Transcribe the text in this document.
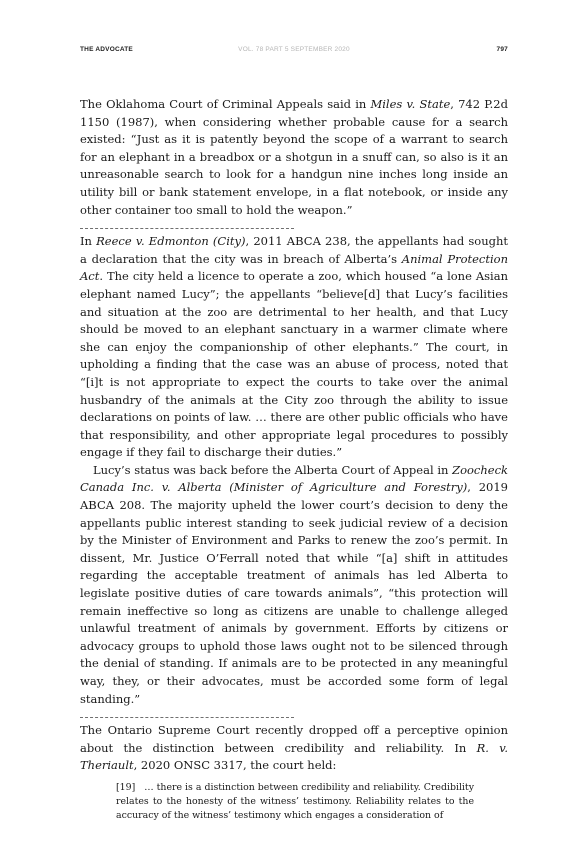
THE ADVOCATE	VOL. 78 PART 5 SEPTEMBER 2020	797

The Oklahoma Court of Criminal Appeals said in Miles v. State, 742 P.2d 1150 (1987), when considering whether probable cause for a search existed: “Just as it is patently beyond the scope of a warrant to search for an elephant in a breadbox or a shotgun in a snuff can, so also is it an unreasonable search to look for a handgun nine inches long inside an utility bill or bank statement envelope, in a flat notebook, or inside any other container too small to hold the weapon.”

In Reece v. Edmonton (City), 2011 ABCA 238, the appellants had sought a declaration that the city was in breach of Alberta’s Animal Protection Act. The city held a licence to operate a zoo, which housed “a lone Asian elephant named Lucy”; the appellants “believe[d] that Lucy’s facilities and situation at the zoo are detrimental to her health, and that Lucy should be moved to an elephant sanctuary in a warmer climate where she can enjoy the companionship of other elephants.” The court, in upholding a finding that the case was an abuse of process, noted that “[i]t is not appropriate to expect the courts to take over the animal husbandry of the animals at the City zoo through the ability to issue declarations on points of law. … there are other public officials who have that responsibility, and other appropriate legal procedures to possibly engage if they fail to discharge their duties.”

Lucy’s status was back before the Alberta Court of Appeal in Zoocheck Canada Inc. v. Alberta (Minister of Agriculture and Forestry), 2019 ABCA 208. The majority upheld the lower court’s decision to deny the appellants public interest standing to seek judicial review of a decision by the Minister of Environment and Parks to renew the zoo’s permit. In dissent, Mr. Justice O’Ferrall noted that while “[a] shift in attitudes regarding the acceptable treatment of animals has led Alberta to legislate positive duties of care towards animals”, “this protection will remain ineffective so long as citizens are unable to challenge alleged unlawful treatment of animals by government. Efforts by citizens or advocacy groups to uphold those laws ought not to be silenced through the denial of standing. If animals are to be protected in any meaningful way, they, or their advocates, must be accorded some form of legal standing.”

The Ontario Supreme Court recently dropped off a perceptive opinion about the distinction between credibility and reliability. In R. v. Theriault, 2020 ONSC 3317, the court held:

[19] … there is a distinction between credibility and reliability. Credibility relates to the honesty of the witness’ testimony. Reliability relates to the accuracy of the witness’ testimony which engages a consideration of
